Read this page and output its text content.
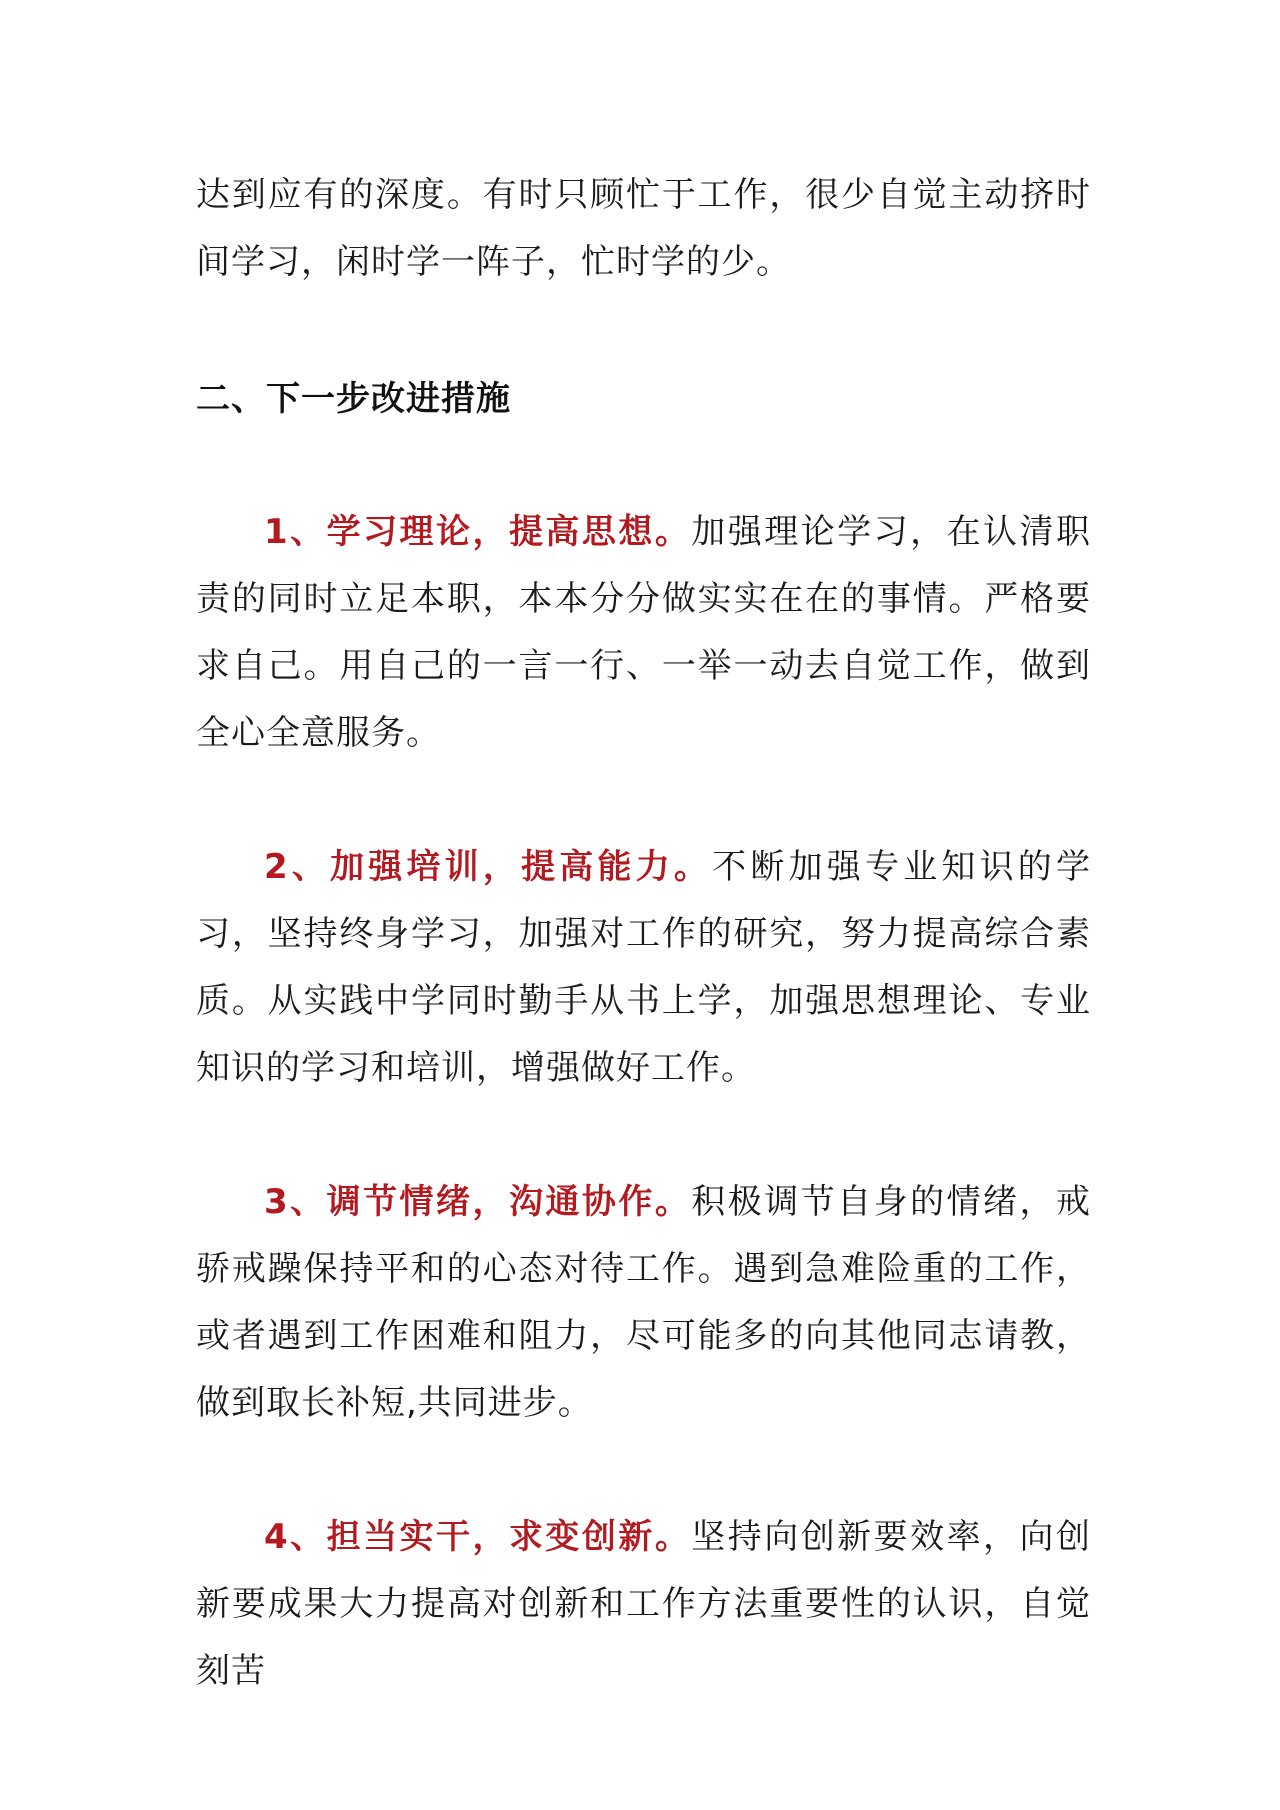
达到应有的深度。有时只顾忙于工作，很少自觉主动挤时间学习，闲时学一阵子，忙时学的少。

二、下一步改进措施

1、学习理论，提高思想。加强理论学习，在认清职责的同时立足本职，本本分分做实实在在的事情。严格要求自己。用自己的一言一行、一举一动去自觉工作，做到全心全意服务。

2、加强培训，提高能力。不断加强专业知识的学习，坚持终身学习，加强对工作的研究，努力提高综合素质。从实践中学同时勤手从书上学，加强思想理论、专业知识的学习和培训，增强做好工作。

3、调节情绪，沟通协作。积极调节自身的情绪，戒骄戒躁保持平和的心态对待工作。遇到急难险重的工作，或者遇到工作困难和阻力，尽可能多的向其他同志请教，做到取长补短,共同进步。

4、担当实干，求变创新。坚持向创新要效率，向创新要成果大力提高对创新和工作方法重要性的认识，自觉刻苦
